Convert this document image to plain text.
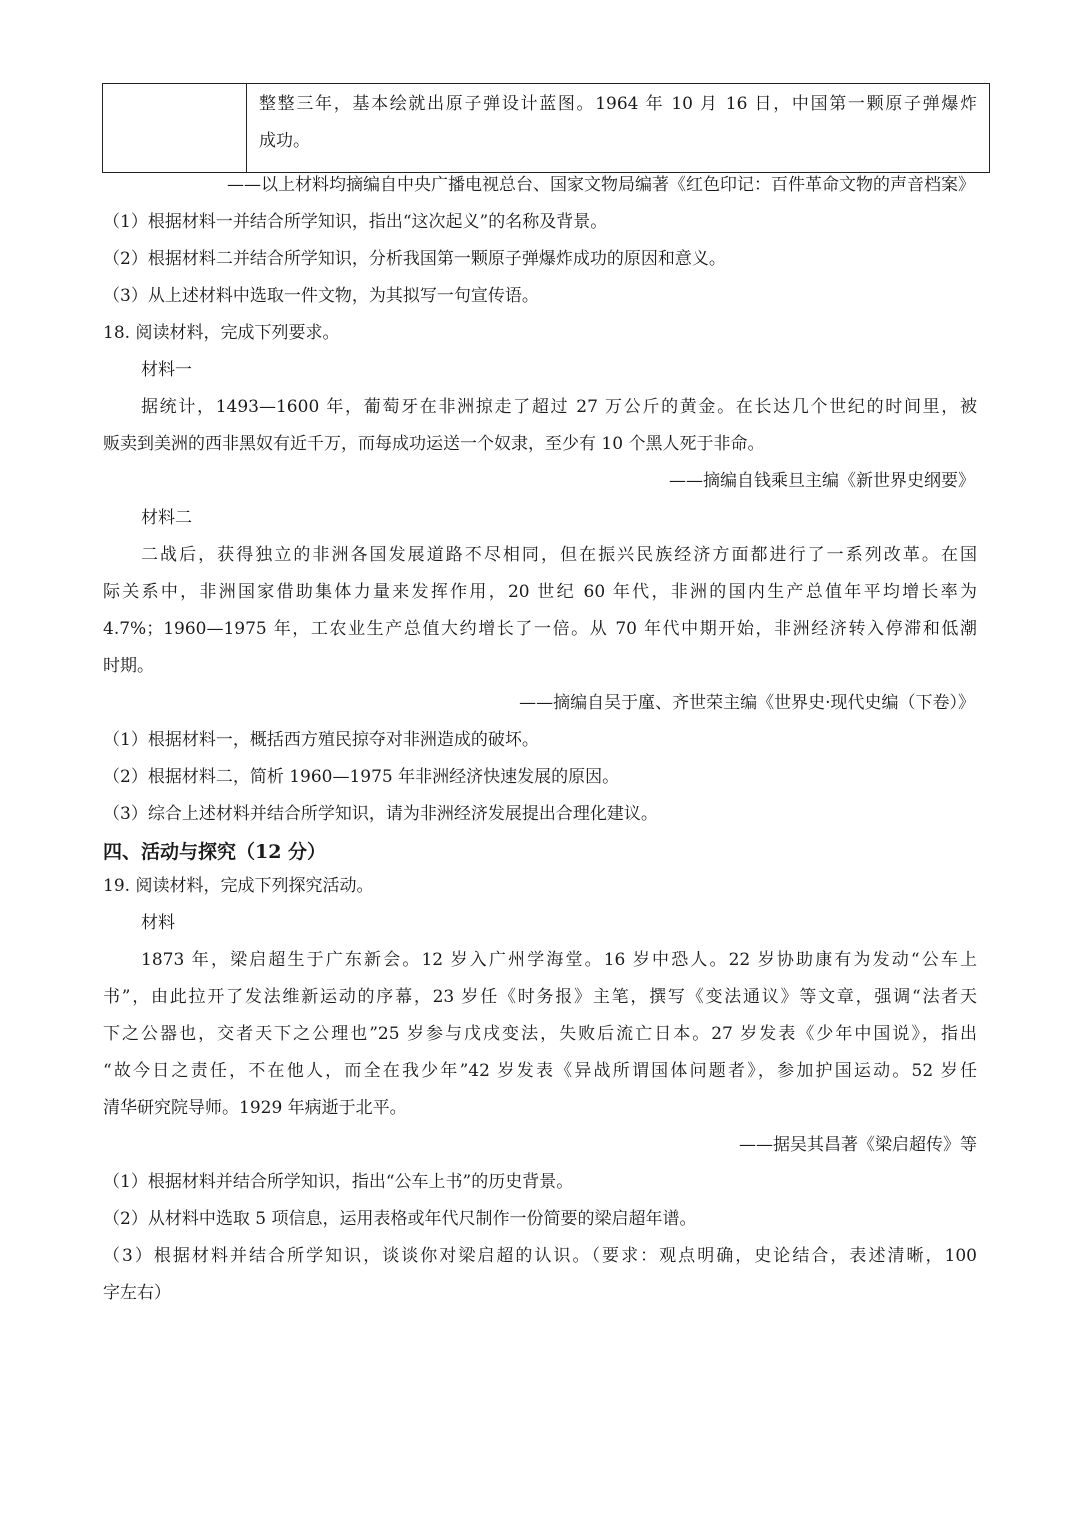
整整三年，基本绘就出原子弹设计蓝图。1964 年 10 月 16 日，中国第一颗原子弹爆炸
成功。
——以上材料均摘编自中央广播电视总台、国家文物局编著《红色印记：百件革命文物的声音档案》
（1）根据材料一并结合所学知识，指出“这次起义”的名称及背景。
（2）根据材料二并结合所学知识，分析我国第一颗原子弹爆炸成功的原因和意义。
（3）从上述材料中选取一件文物，为其拟写一句宣传语。
18. 阅读材料，完成下列要求。
材料一
据统计，1493—1600 年，葡萄牙在非洲掠走了超过 27 万公斤的黄金。在长达几个世纪的时间里，被
贩卖到美洲的西非黑奴有近千万，而每成功运送一个奴隶，至少有 10 个黑人死于非命。
——摘编自钱乘旦主编《新世界史纲要》
材料二
二战后，获得独立的非洲各国发展道路不尽相同，但在振兴民族经济方面都进行了一系列改革。在国
际关系中，非洲国家借助集体力量来发挥作用，20 世纪 60 年代，非洲的国内生产总值年平均增长率为
4.7%；1960—1975 年，工农业生产总值大约增长了一倍。从 70 年代中期开始，非洲经济转入停滞和低潮
时期。
——摘编自吴于廑、齐世荣主编《世界史·现代史编（下卷）》
（1）根据材料一，概括西方殖民掠夺对非洲造成的破坏。
（2）根据材料二，简析 1960—1975 年非洲经济快速发展的原因。
（3）综合上述材料并结合所学知识，请为非洲经济发展提出合理化建议。
四、活动与探究（12 分）
19. 阅读材料，完成下列探究活动。
材料
1873 年，梁启超生于广东新会。12 岁入广州学海堂。16 岁中恐人。22 岁协助康有为发动“公车上
书”，由此拉开了发法维新运动的序幕，23 岁任《时务报》主笔，撰写《变法通议》等文章，强调“法者天
下之公器也，交者天下之公理也”25 岁参与戊戌变法，失败后流亡日本。27 岁发表《少年中国说》，指出
“故今日之责任，不在他人，而全在我少年”42 岁发表《异战所谓国体问题者》，参加护国运动。52 岁任
清华研究院导师。1929 年病逝于北平。
——据吴其昌著《梁启超传》等
（1）根据材料并结合所学知识，指出“公车上书”的历史背景。
（2）从材料中选取 5 项信息，运用表格或年代尺制作一份简要的梁启超年谱。
（3）根据材料并结合所学知识，谈谈你对梁启超的认识。（要求：观点明确，史论结合，表述清晰，100
字左右）
